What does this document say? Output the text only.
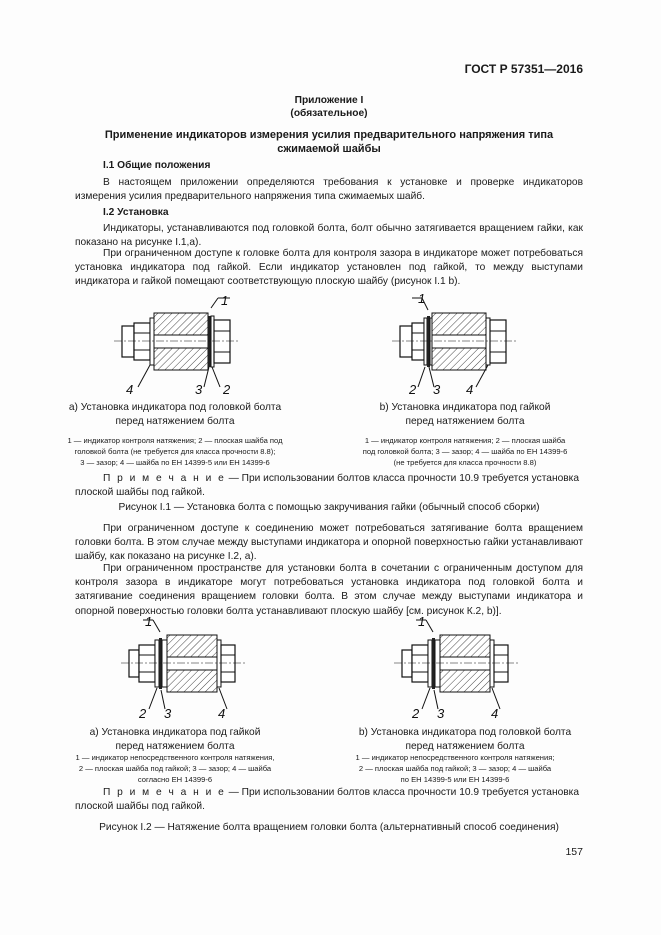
ГОСТ Р 57351—2016
Приложение I
(обязательное)
Применение индикаторов измерения усилия предварительного напряжения типа сжимаемой шайбы
I.1 Общие положения
В настоящем приложении определяются требования к установке и проверке индикаторов измерения усилия предварительного напряжения типа сжимаемых шайб.
I.2 Установка
Индикаторы, устанавливаются под головкой болта, болт обычно затягивается вращением гайки, как показано на рисунке I.1,а).
При ограниченном доступе к головке болта для контроля зазора в индикаторе может потребоваться установка индикатора под гайкой. Если индикатор установлен под гайкой, то между выступами индикатора и гайкой помещают соответствующую плоскую шайбу (рисунок I.1 b).
1
4	3 2
1
2 3 4
а) Установка индикатора под головкой болта
перед натяжением болта
b) Установка индикатора под гайкой
перед натяжением болта
1 — индикатор контроля натяжения; 2 — плоская шайба под
головкой болта (не требуется для класса прочности 8.8);
3 — зазор; 4 — шайба по ЕН 14399-5 или ЕН 14399-6
1 — индикатор контроля натяжения; 2 — плоская шайба
под головкой болта; 3 — зазор; 4 — шайба по ЕН 14399-6
(не требуется для класса прочности 8.8)
П р и м е ч а н и е — При использовании болтов класса прочности 10.9 требуется установка плоской шайбы под гайкой.
Рисунок I.1 — Установка болта с помощью закручивания гайки (обычный способ сборки)
При ограниченном доступе к соединению может потребоваться затягивание болта вращением головки болта. В этом случае между выступами индикатора и опорной поверхностью гайки устанавливают шайбу, как показано на рисунке I.2, а).
При ограниченном пространстве для установки болта в сочетании с ограниченным доступом для контроля зазора в индикаторе могут потребоваться установка индикатора под головкой болта и затягивание соединения вращением головки болта. В этом случае между выступами индикатора и опорной поверхностью головки болта устанавливают плоскую шайбу [см. рисунок К.2, b)].
1
2 3	4
1
2 3	4
а) Установка индикатора под гайкой
перед натяжением болта
b) Установка индикатора под головкой болта
перед натяжением болта
1 — индикатор непосредственного контроля натяжения,
2 — плоская шайба под гайкой; 3 — зазор; 4 — шайба
согласно ЕН 14399-6
1 — индикатор непосредственного контроля натяжения;
2 — плоская шайба под гайкой; 3 — зазор; 4 — шайба
по ЕН 14399-5 или ЕН 14399-6
П р и м е ч а н и е — При использовании болтов класса прочности 10.9 требуется установка плоской шайбы под гайкой.
Рисунок I.2 — Натяжение болта вращением головки болта (альтернативный способ соединения)
157
